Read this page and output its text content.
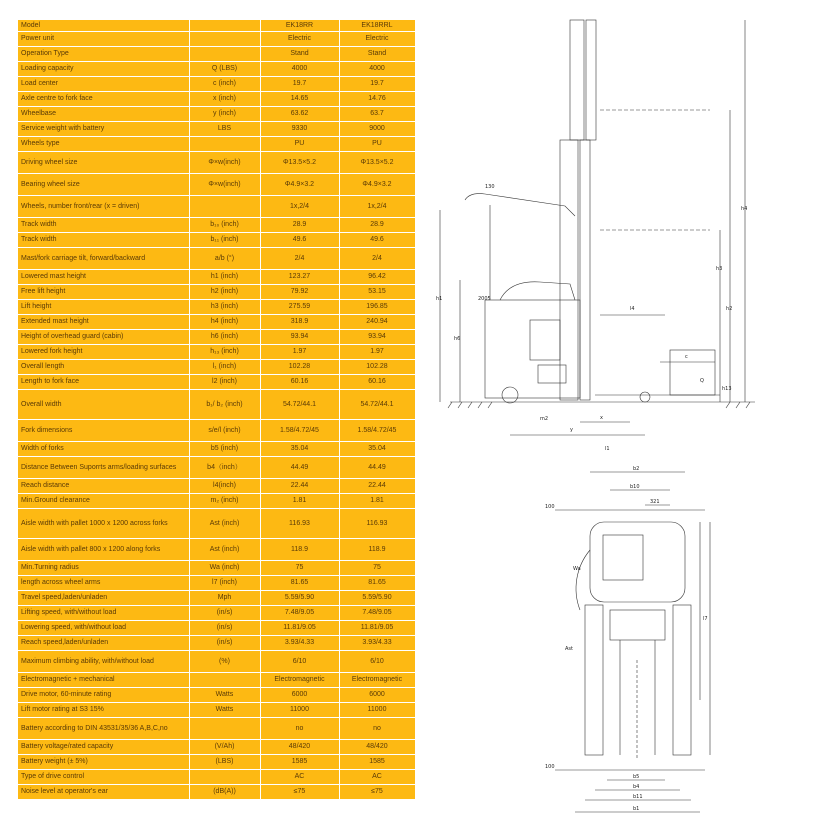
Model		EK18RR	EK18RRL
Power unit		Electric	Electric
Operation Type		Stand	Stand
Loading capacity	Q (LBS)	4000	4000
Load center	c (inch)	19.7	19.7
Axle centre to fork face	x (inch)	14.65	14.76
Wheelbase	y (inch)	63.62	63.7
Service weight with battery	LBS	9330	9000
Wheels type		PU	PU
Driving wheel size	Φ×w(inch)	Φ13.5×5.2	Φ13.5×5.2
Bearing wheel size	Φ×w(inch)	Φ4.9×3.2	Φ4.9×3.2
Wheels, number front/rear (x = driven)		1x,2/4	1x,2/4
Track width	b₁₀ (inch)	28.9	28.9
Track width	b₁₁ (inch)	49.6	49.6
Mast/fork carriage tilt, forward/backward	a/b (°)	2/4	2/4
Lowered mast height	h1 (inch)	123.27	96.42
Free lift height	h2 (inch)	79.92	53.15
Lift height	h3 (inch)	275.59	196.85
Extended mast height	h4 (inch)	318.9	240.94
Height of overhead guard (cabin)	h6 (inch)	93.94	93.94
Lowered fork height	h₁₃ (inch)	1.97	1.97
Overall length	l₁ (inch)	102.28	102.28
Length to fork face	l2 (inch)	60.16	60.16
Overall width	b₁/ b₂ (inch)	54.72/44.1	54.72/44.1
Fork dimensions	s/e/l (inch)	1.58/4.72/45	1.58/4.72/45
Width of forks	b5 (inch)	35.04	35.04
Distance Between Suporrts arms/loading surfaces	b4（inch）	44.49	44.49
Reach distance	l4(inch)	22.44	22.44
Min.Ground clearance	m₂ (inch)	1.81	1.81
Aisle width with pallet 1000 x 1200 across forks	Ast (inch)	116.93	116.93
Aisle width with pallet 800 x 1200 along forks	Ast (inch)	118.9	118.9
Min.Turning radius	Wa (inch)	75	75
length across wheel arms	l7 (inch)	81.65	81.65
Travel speed,laden/unladen	Mph	5.59/5.90	5.59/5.90
Lifting speed, with/without load	(in/s)	7.48/9.05	7.48/9.05
Lowering speed, with/without load	(in/s)	11.81/9.05	11.81/9.05
Reach speed,laden/unladen	(in/s)	3.93/4.33	3.93/4.33
Maximum climbing ability, with/without load	(%)	6/10	6/10
Electromagnetic + mechanical		Electromagnetic	Electromagnetic
Drive motor, 60-minute rating	Watts	6000	6000
Lift motor rating at S3 15%	Watts	11000	11000
Battery according to DIN 43531/35/36 A,B,C,no		no	no
Battery voltage/rated capacity	(V/Ah)	48/420	48/420
Battery weight (± 5%)	(LBS)	1585	1585
Type of drive control		AC	AC
Noise level at operator's ear	(dB(A))	≤75	≤75
h1
h6
h2
h4
h3
l4
c
Q
l1
y
x
m2
130
2005
h13
b2
b10
321
Wa
l7
Ast
b5
b4
b11
b1
100
100
